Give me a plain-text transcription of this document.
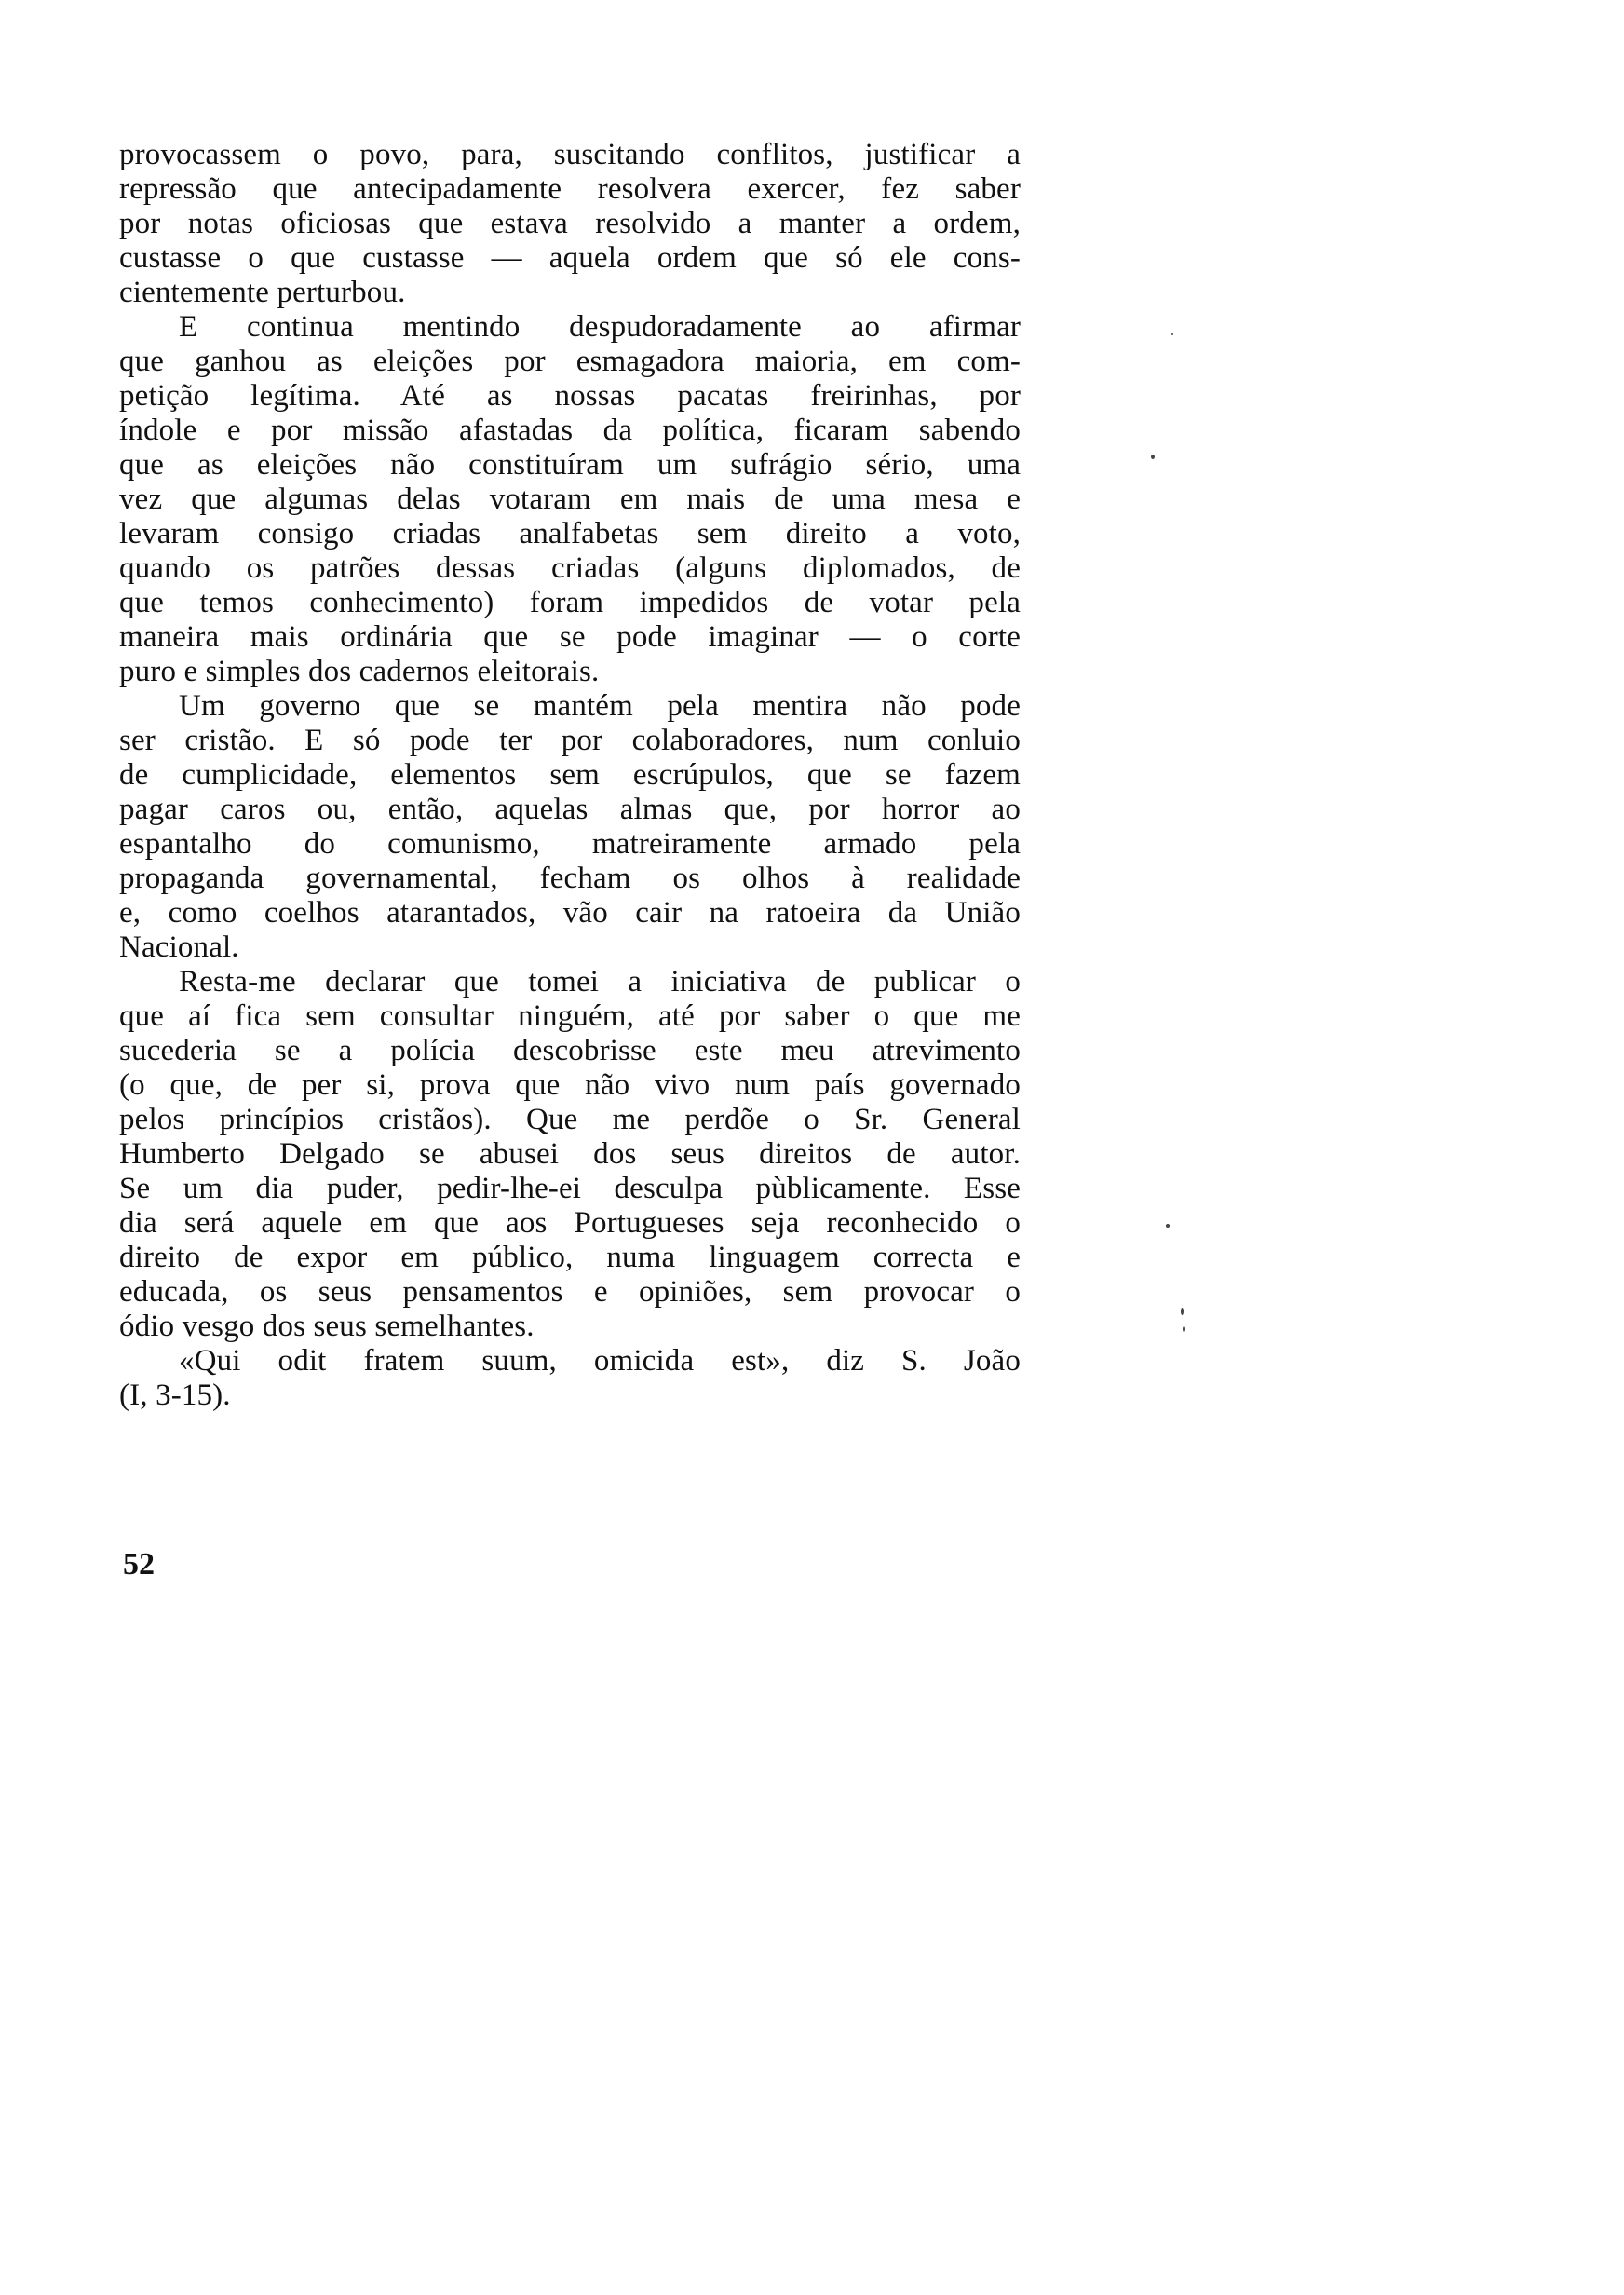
provocassem o povo, para, suscitando conflitos, justificar a
repressão que antecipadamente resolvera exercer, fez saber
por notas oficiosas que estava resolvido a manter a ordem,
custasse o que custasse — aquela ordem que só ele cons-
cientemente perturbou.
E continua mentindo despudoradamente ao afirmar
que ganhou as eleições por esmagadora maioria, em com-
petição legítima. Até as nossas pacatas freirinhas, por
índole e por missão afastadas da política, ficaram sabendo
que as eleições não constituíram um sufrágio sério, uma
vez que algumas delas votaram em mais de uma mesa e
levaram consigo criadas analfabetas sem direito a voto,
quando os patrões dessas criadas (alguns diplomados, de
que temos conhecimento) foram impedidos de votar pela
maneira mais ordinária que se pode imaginar — o corte
puro e simples dos cadernos eleitorais.
Um governo que se mantém pela mentira não pode
ser cristão. E só pode ter por colaboradores, num conluio
de cumplicidade, elementos sem escrúpulos, que se fazem
pagar caros ou, então, aquelas almas que, por horror ao
espantalho do comunismo, matreiramente armado pela
propaganda governamental, fecham os olhos à realidade
e, como coelhos atarantados, vão cair na ratoeira da União
Nacional.
Resta-me declarar que tomei a iniciativa de publicar o
que aí fica sem consultar ninguém, até por saber o que me
sucederia se a polícia descobrisse este meu atrevimento
(o que, de per si, prova que não vivo num país governado
pelos princípios cristãos). Que me perdõe o Sr. General
Humberto Delgado se abusei dos seus direitos de autor.
Se um dia puder, pedir-lhe-ei desculpa pùblicamente. Esse
dia será aquele em que aos Portugueses seja reconhecido o
direito de expor em público, numa linguagem correcta e
educada, os seus pensamentos e opiniões, sem provocar o
ódio vesgo dos seus semelhantes.
«Qui odit fratem suum, omicida est», diz S. João
(I, 3-15).
52
